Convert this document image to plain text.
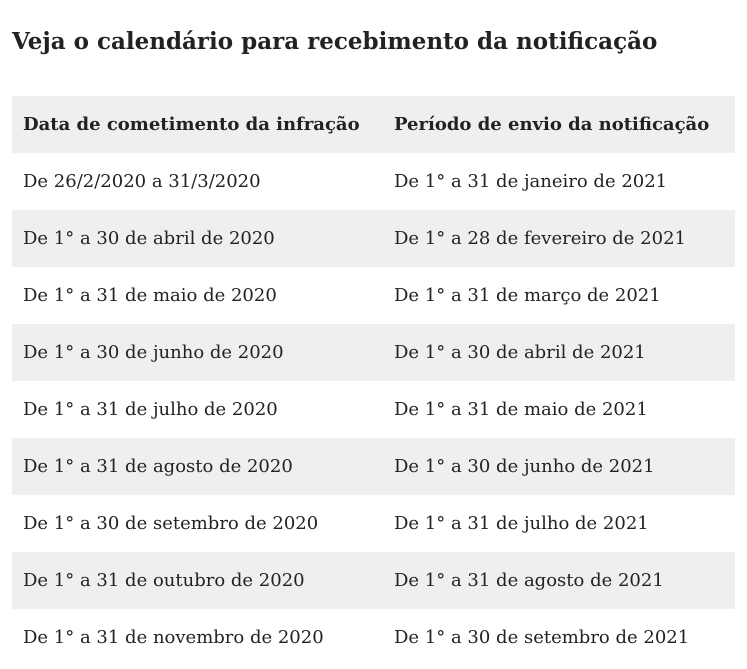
Veja o calendário para recebimento da notificação
Data de cometimento da infração	Período de envio da notificação
De 26/2/2020 a 31/3/2020	De 1° a 31 de janeiro de 2021
De 1° a 30 de abril de 2020	De 1° a 28 de fevereiro de 2021
De 1° a 31 de maio de 2020	De 1° a 31 de março de 2021
De 1° a 30 de junho de 2020	De 1° a 30 de abril de 2021
De 1° a 31 de julho de 2020	De 1° a 31 de maio de 2021
De 1° a 31 de agosto de 2020	De 1° a 30 de junho de 2021
De 1° a 30 de setembro de 2020	De 1° a 31 de julho de 2021
De 1° a 31 de outubro de 2020	De 1° a 31 de agosto de 2021
De 1° a 31 de novembro de 2020	De 1° a 30 de setembro de 2021
